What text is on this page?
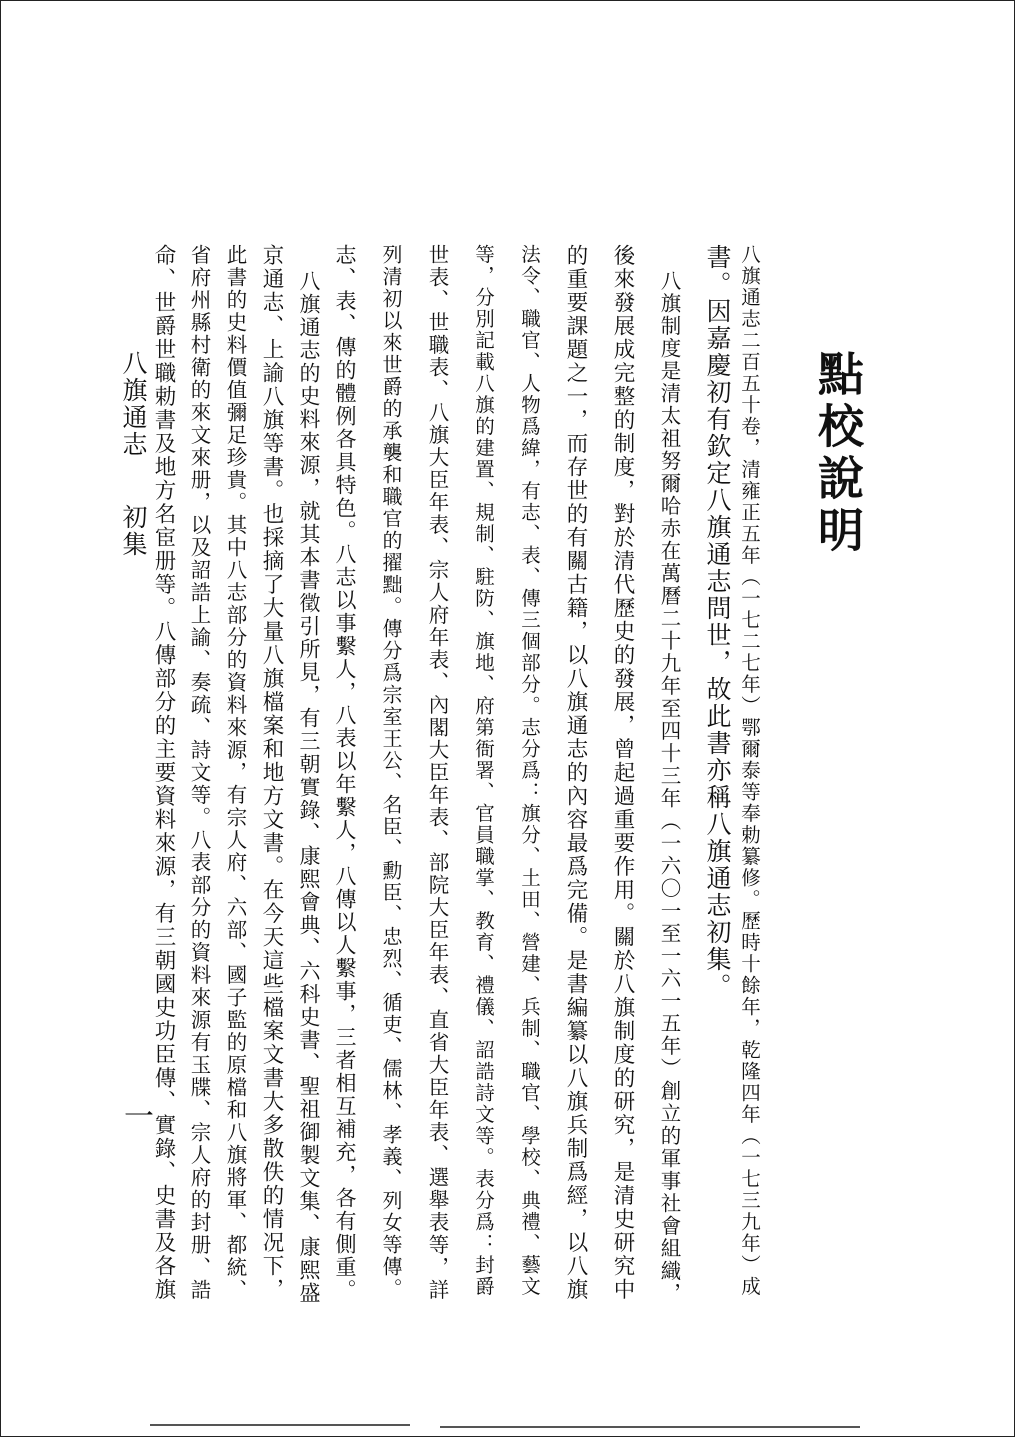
點校說明

八旗通志二百五十卷，清雍正五年（一七二七年）鄂爾泰等奉勅纂修。歷時十餘年，乾隆四年（一七三九年）成

書。因嘉慶初有欽定八旗通志問世，故此書亦稱八旗通志初集。

八旗制度是清太祖努爾哈赤在萬曆二十九年至四十三年（一六〇一至一六一五年）創立的軍事社會組織，

後來發展成完整的制度，對於清代歷史的發展，曾起過重要作用。關於八旗制度的研究，是清史研究中

的重要課題之一，而存世的有關古籍，以八旗通志的內容最爲完備。是書編纂以八旗兵制爲經，以八旗

法令、職官、人物爲緯，有志、表、傳三個部分。志分爲：旗分、土田、營建、兵制、職官、學校、典禮、藝文

等，分別記載八旗的建置、規制、駐防、旗地、府第衙署、官員職掌、教育、禮儀、詔誥詩文等。表分爲：封爵

世表、世職表、八旗大臣年表、宗人府年表、內閣大臣年表、部院大臣年表、直省大臣年表、選舉表等，詳

列清初以來世爵的承襲和職官的擢黜。傳分爲宗室王公、名臣、勳臣、忠烈、循吏、儒林、孝義、列女等傳。

志、表、傳的體例各具特色。八志以事繫人，八表以年繫人，八傳以人繫事，三者相互補充，各有側重。

八旗通志的史料來源，就其本書徵引所見，有三朝實錄、康熙會典、六科史書、聖祖御製文集、康熙盛

京通志、上諭八旗等書。也採摘了大量八旗檔案和地方文書。在今天這些檔案文書大多散佚的情况下，

此書的史料價值彌足珍貴。其中八志部分的資料來源，有宗人府、六部、國子監的原檔和八旗將軍、都統、

省府州縣村衛的來文來册，以及詔誥上諭、奏疏、詩文等。八表部分的資料來源有玉牒、宗人府的封册、誥

命、世爵世職勅書及地方名宦册等。八傳部分的主要資料來源，有三朝國史功臣傳、實錄、史書及各旗

八旗通志
初集
一
